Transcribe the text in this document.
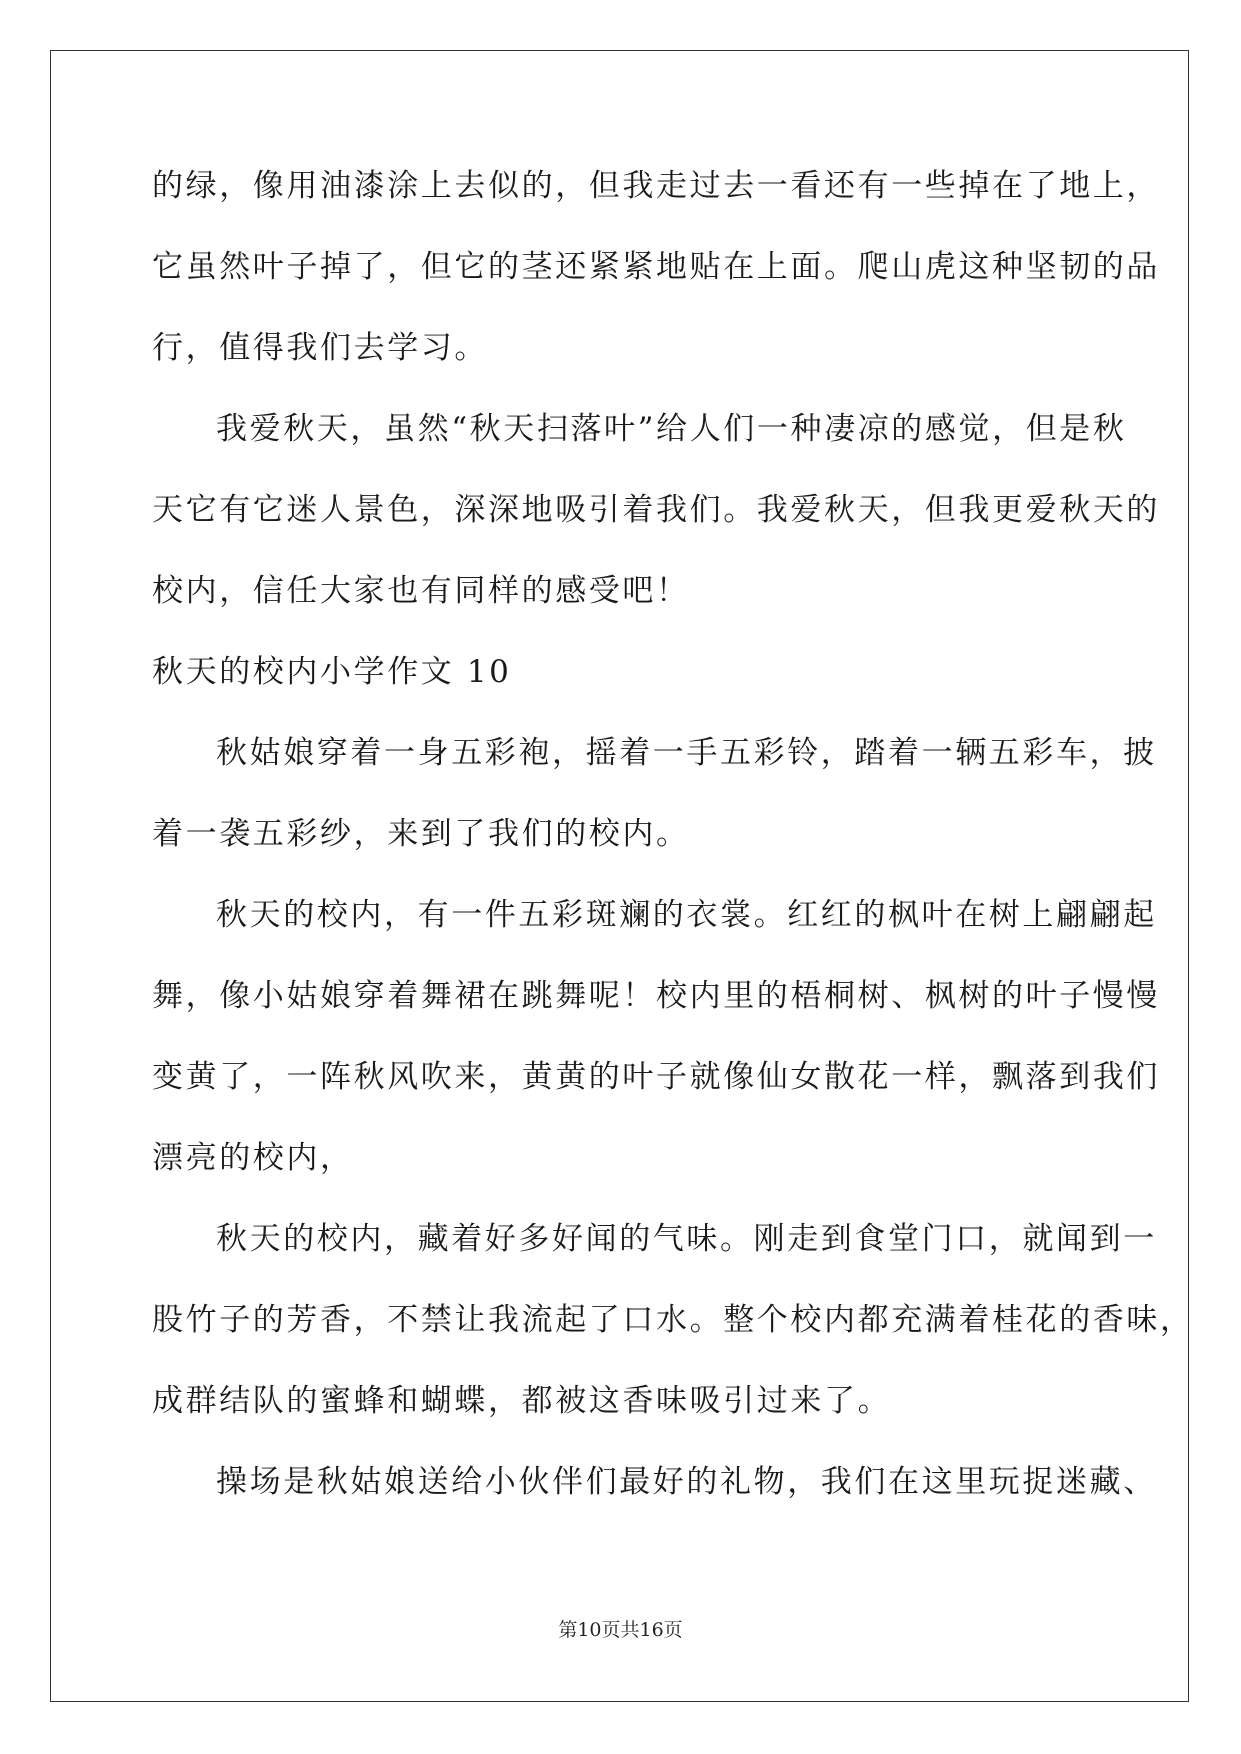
的绿，像用油漆涂上去似的，但我走过去一看还有一些掉在了地上，
它虽然叶子掉了，但它的茎还紧紧地贴在上面。爬山虎这种坚韧的品
行，值得我们去学习。
我爱秋天，虽然“秋天扫落叶”给人们一种凄凉的感觉，但是秋
天它有它迷人景色，深深地吸引着我们。我爱秋天，但我更爱秋天的
校内，信任大家也有同样的感受吧！
秋天的校内小学作文 10
秋姑娘穿着一身五彩袍，摇着一手五彩铃，踏着一辆五彩车，披
着一袭五彩纱，来到了我们的校内。
秋天的校内，有一件五彩斑斓的衣裳。红红的枫叶在树上翩翩起
舞，像小姑娘穿着舞裙在跳舞呢！校内里的梧桐树、枫树的叶子慢慢
变黄了，一阵秋风吹来，黄黄的叶子就像仙女散花一样，飘落到我们
漂亮的校内，
秋天的校内，藏着好多好闻的气味。刚走到食堂门口，就闻到一
股竹子的芳香，不禁让我流起了口水。整个校内都充满着桂花的香味，
成群结队的蜜蜂和蝴蝶，都被这香味吸引过来了。
操场是秋姑娘送给小伙伴们最好的礼物，我们在这里玩捉迷藏、
第10页共16页
